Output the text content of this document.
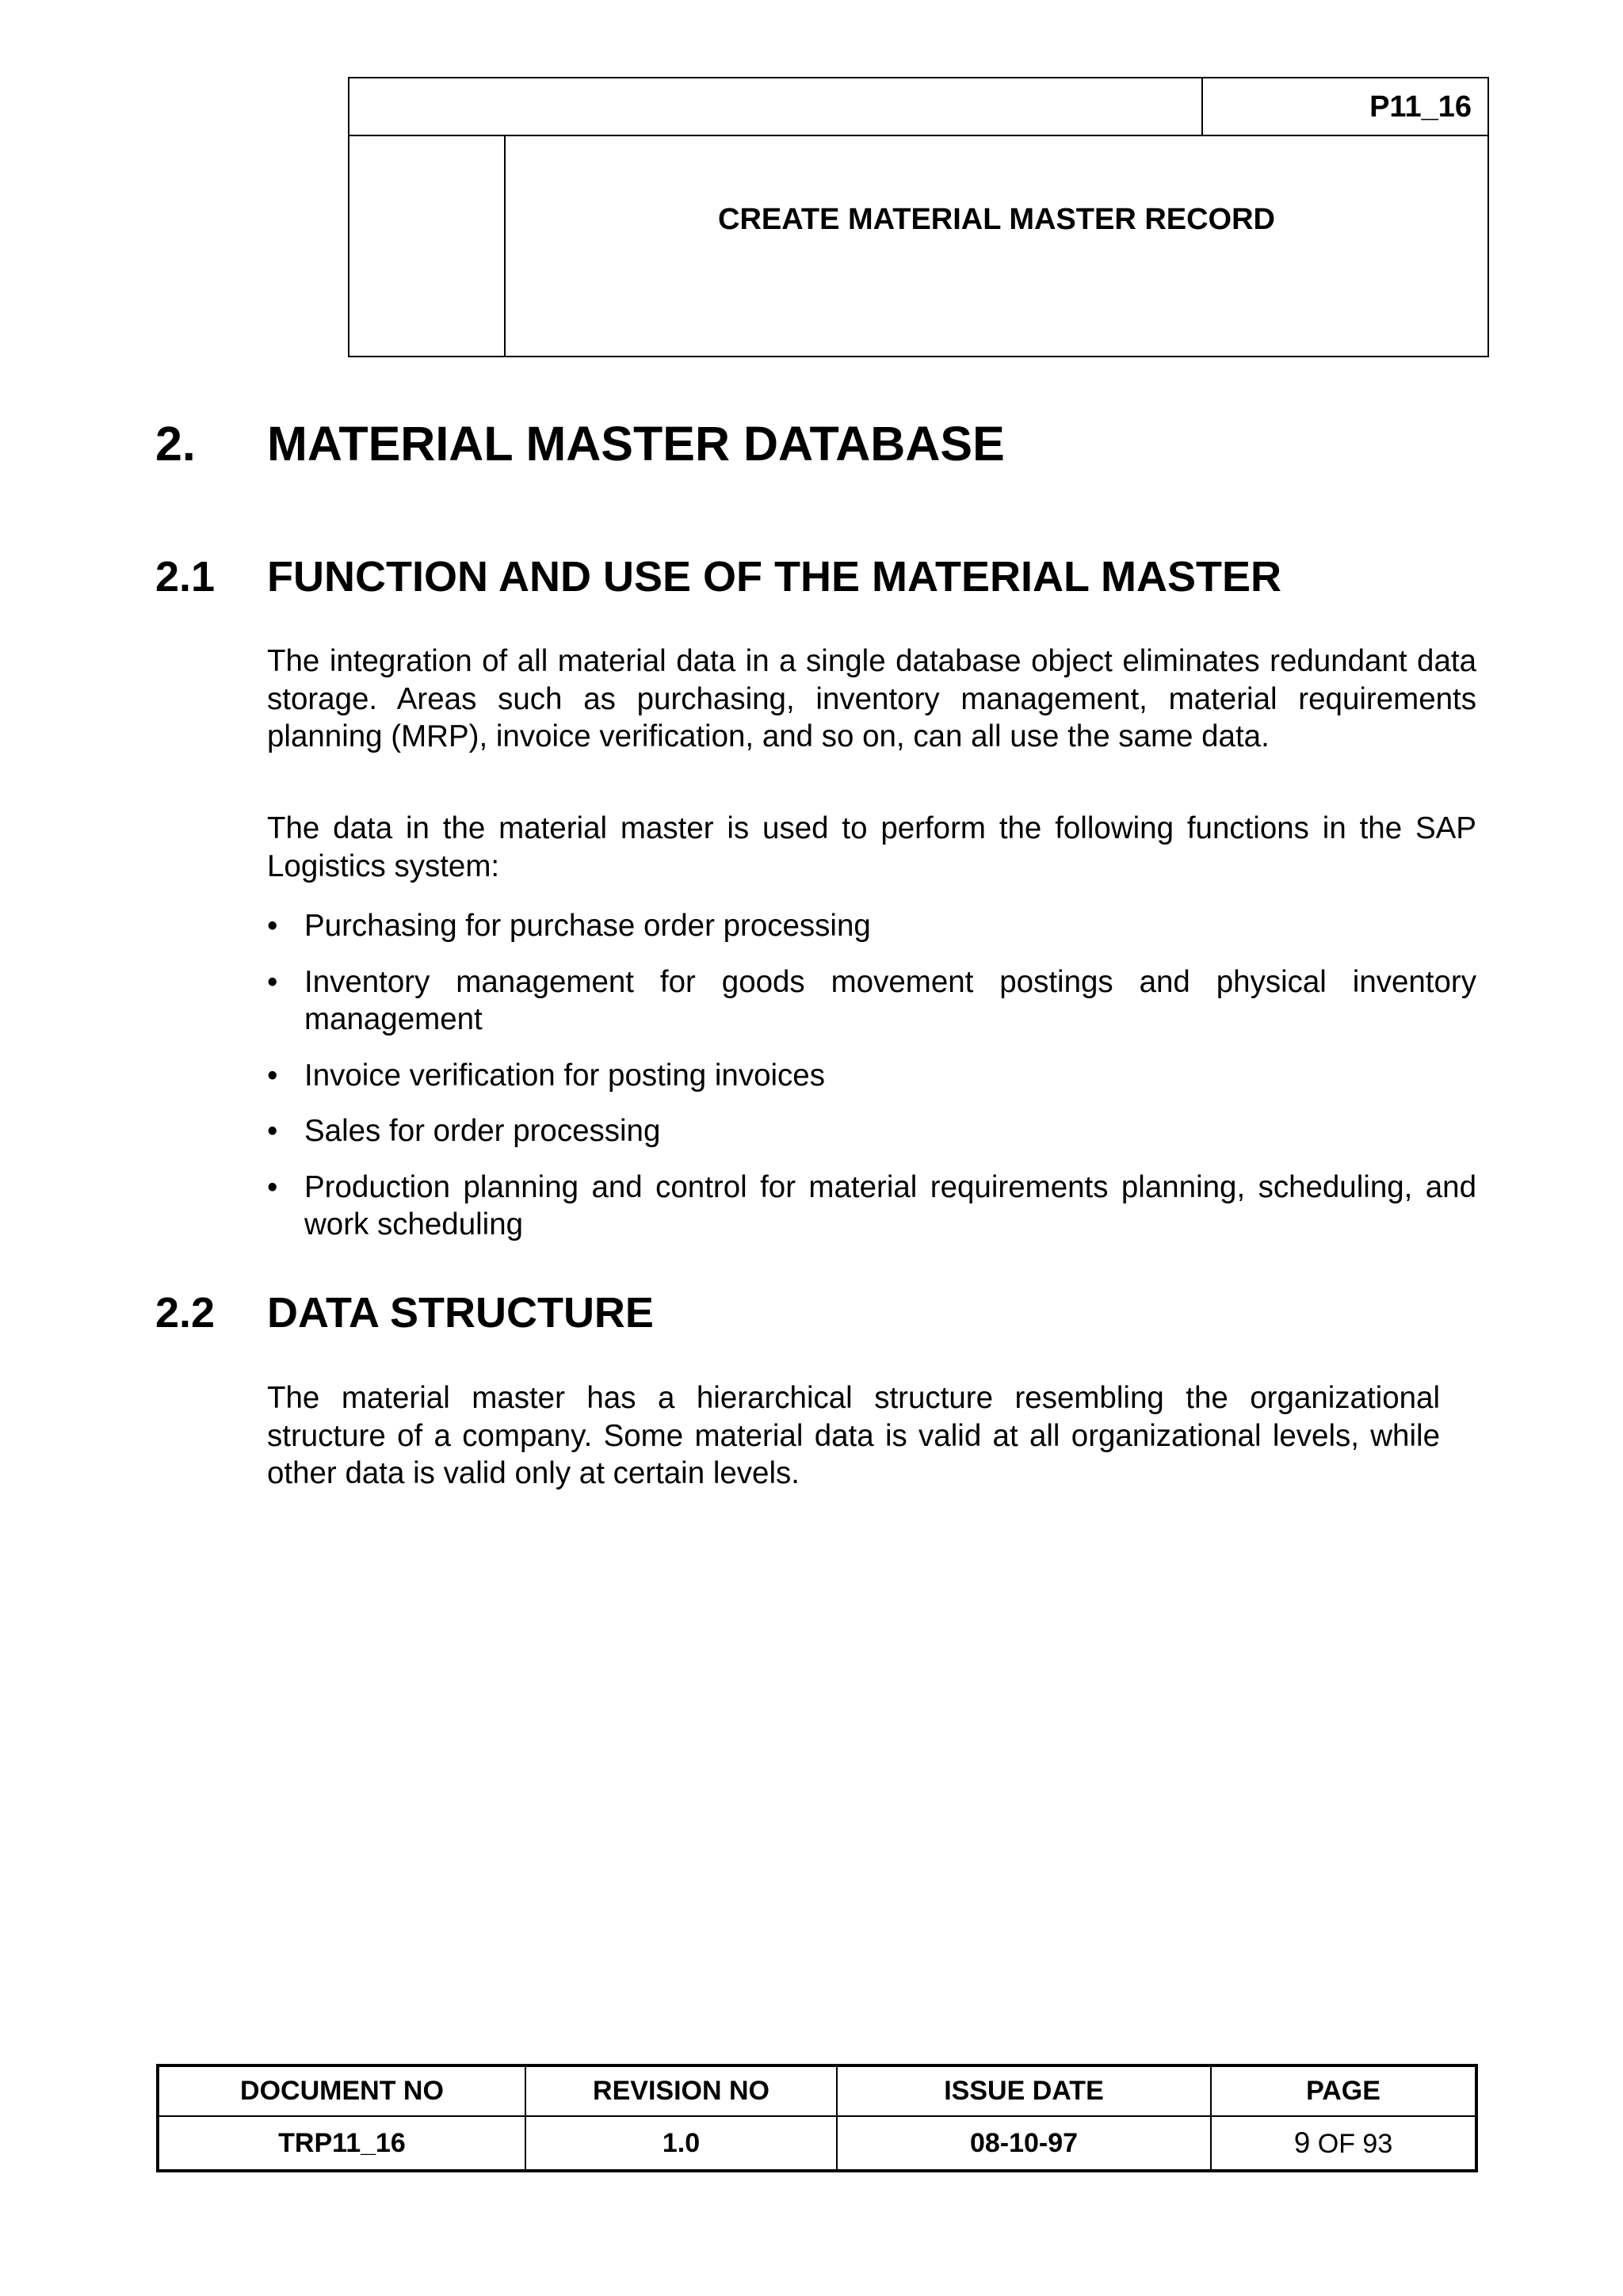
P11_16
CREATE MATERIAL MASTER RECORD
2. MATERIAL MASTER DATABASE
2.1 FUNCTION AND USE OF THE MATERIAL MASTER

The integration of all material data in a single database object eliminates redundant data storage. Areas such as purchasing, inventory management, material requirements planning (MRP), invoice verification, and so on, can all use the same data.

The data in the material master is used to perform the following functions in the SAP Logistics system:

• Purchasing for purchase order processing
• Inventory management for goods movement postings and physical inventory management
• Invoice verification for posting invoices
• Sales for order processing
• Production planning and control for material requirements planning, scheduling, and work scheduling
2.2 DATA STRUCTURE

The material master has a hierarchical structure resembling the organizational structure of a company. Some material data is valid at all organizational levels, while other data is valid only at certain levels.

DOCUMENT NO	REVISION NO	ISSUE DATE	PAGE
TRP11_16	1.0	08-10-97	9 OF 93
